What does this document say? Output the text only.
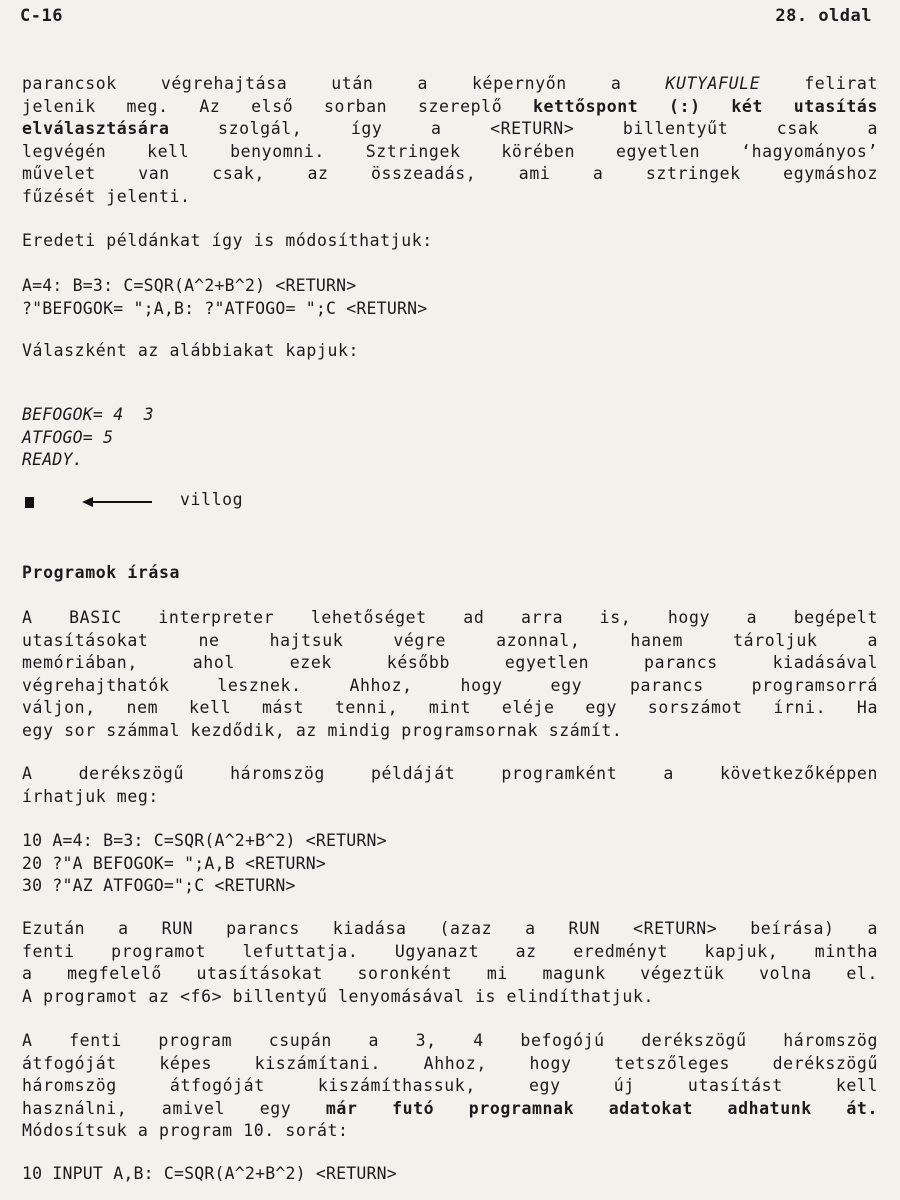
C-16	28. oldal
parancsok végrehajtása után a képernyőn a KUTYAFULE felirat
jelenik meg. Az első sorban szereplő kettőspont (:) két utasítás
elválasztására szolgál, így a <RETURN> billentyűt csak a
legvégén kell benyomni. Sztringek körében egyetlen ‘hagyományos’
művelet van csak, az összeadás, ami a sztringek egymáshoz
fűzését jelenti.
Eredeti példánkat így is módosíthatjuk:
A=4: B=3: C=SQR(A^2+B^2) <RETURN>
?"BEFOGOK= ";A,B: ?"ATFOGO= ";C <RETURN>
Válaszként az alábbiakat kapjuk:
BEFOGOK= 4  3
ATFOGO= 5
READY.
villog
Programok írása
A BASIC interpreter lehetőséget ad arra is, hogy a begépelt
utasításokat ne hajtsuk végre azonnal, hanem tároljuk a
memóriában, ahol ezek később egyetlen parancs kiadásával
végrehajthatók lesznek. Ahhoz, hogy egy parancs programsorrá
váljon, nem kell mást tenni, mint eléje egy sorszámot írni. Ha
egy sor számmal kezdődik, az mindig programsornak számít.
A derékszögű háromszög példáját programként a következőképpen
írhatjuk meg:
10 A=4: B=3: C=SQR(A^2+B^2) <RETURN>
20 ?"A BEFOGOK= ";A,B <RETURN>
30 ?"AZ ATFOGO=";C <RETURN>
Ezután a RUN parancs kiadása (azaz a RUN <RETURN> beírása) a
fenti programot lefuttatja. Ugyanazt az eredményt kapjuk, mintha
a megfelelő utasításokat soronként mi magunk végeztük volna el.
A programot az <f6> billentyű lenyomásával is elindíthatjuk.
A fenti program csupán a 3, 4 befogójú derékszögű háromszög
átfogóját képes kiszámítani. Ahhoz, hogy tetszőleges derékszögű
háromszög átfogóját kiszámíthassuk, egy új utasítást kell
használni, amivel egy már futó programnak adatokat adhatunk át.
Módosítsuk a program 10. sorát:
10 INPUT A,B: C=SQR(A^2+B^2) <RETURN>
